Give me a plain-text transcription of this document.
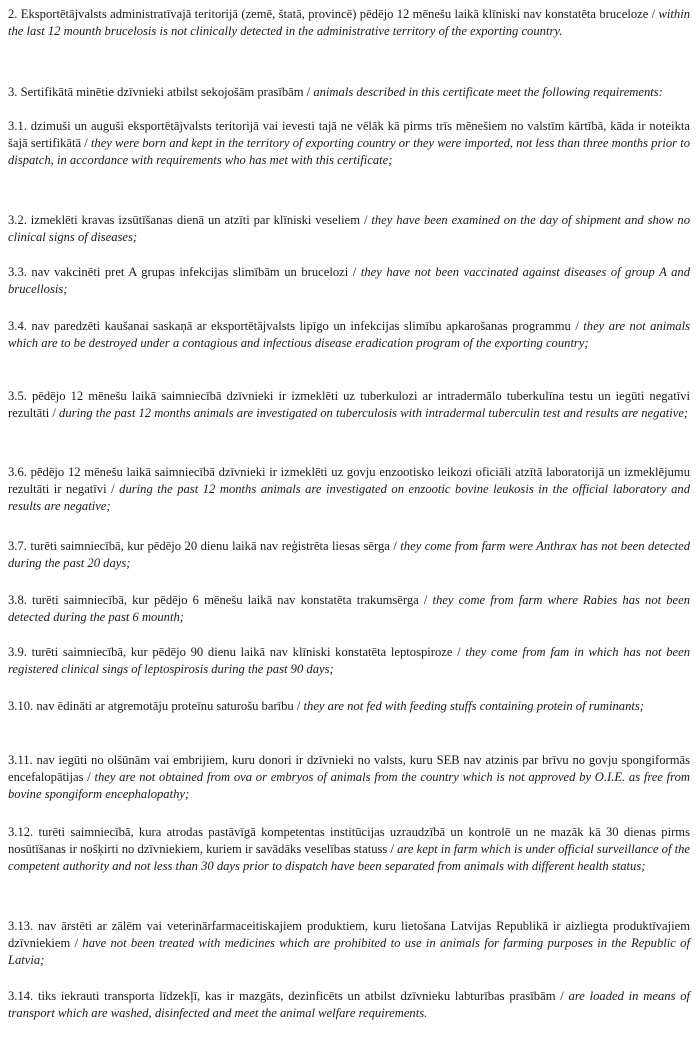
2. Eksportētājvalsts administratīvajā teritorijā (zemē, štatā, provincē) pēdējo 12 mēnešu laikā klīniski nav konstatēta bruceloze / within the last 12 mounth brucelosis is not clinically detected in the administrative territory of the exporting country.

3. Sertifikātā minētie dzīvnieki atbilst sekojošām prasībām / animals described in this certificate meet the following requirements:

3.1. dzimuši un auguši eksportētājvalsts teritorijā vai ievesti tajā ne vēlāk kā pirms trīs mēnešiem no valstīm kārtībā, kāda ir noteikta šajā sertifikātā / they were born and kept in the territory of exporting country or they were imported, not less than three months prior to dispatch, in accordance with requirements who has met with this certificate;

3.2. izmeklēti kravas izsūtīšanas dienā un atzīti par klīniski veseliem / they have been examined on the day of shipment and show no clinical signs of diseases;

3.3. nav vakcinēti pret A grupas infekcijas slimībām un brucelozi / they have not been vaccinated against diseases of group A and brucellosis;

3.4. nav paredzēti kaušanai saskaņā ar eksportētājvalsts lipīgo un infekcijas slimību apkarošanas programmu / they are not animals which are to be destroyed under a contagious and infectious disease eradication program of the exporting country;

3.5. pēdējo 12 mēnešu laikā saimniecībā dzīvnieki ir izmeklēti uz tuberkulozi ar intradermālo tuberkulīna testu un iegūti negatīvi rezultāti / during the past 12 months animals are investigated on tuberculosis with intradermal tuberculin test and results are negative;

3.6. pēdējo 12 mēnešu laikā saimniecībā dzīvnieki ir izmeklēti uz govju enzootisko leikozi oficiāli atzītā laboratorijā un izmeklējumu rezultāti ir negatīvi / during the past 12 months animals are investigated on enzootic bovine leukosis in the official laboratory and results are negative;

3.7. turēti saimniecībā, kur pēdējo 20 dienu laikā nav reģistrēta liesas sērga / they come from farm were Anthrax has not been detected during the past 20 days;

3.8. turēti saimniecībā, kur pēdējo 6 mēnešu laikā nav konstatēta trakumsērga / they come from farm where Rabies has not been detected during the past 6 mounth;

3.9. turēti saimniecībā, kur pēdējo 90 dienu laikā nav klīniski konstatēta leptospiroze / they come from fam in which has not been registered clinical sings of leptospirosis during the past 90 days;

3.10. nav ēdināti ar atgremotāju proteīnu saturošu barību / they are not fed with feeding stuffs containing protein of ruminants;

3.11. nav iegūti no olšūnām vai embrijiem, kuru donori ir dzīvnieki no valsts, kuru SEB nav atzinis par brīvu no govju spongiformās encefalopātijas / they are not obtained from ova or embryos of animals from the country which is not approved by O.I.E. as free from bovine spongiform encephalopathy;

3.12. turēti saimniecībā, kura atrodas pastāvīgā kompetentas institūcijas uzraudzībā un kontrolē un ne mazāk kā 30 dienas pirms nosūtīšanas ir nošķirti no dzīvniekiem, kuriem ir savādāks veselības statuss / are kept in farm which is under official surveillance of the competent authority and not less than 30 days prior to dispatch have been separated from animals with different health status;

3.13. nav ārstēti ar zālēm vai veterinārfarmaceitiskajiem produktiem, kuru lietošana Latvijas Republikā ir aizliegta produktīvajiem dzīvniekiem / have not been treated with medicines which are prohibited to use in animals for farming purposes in the Republic of Latvia;

3.14. tiks iekrauti transporta līdzekļī, kas ir mazgāts, dezinficēts un atbilst dzīvnieku labturības prasībām / are loaded in means of transport which are washed, disinfected and meet the animal welfare requirements.
